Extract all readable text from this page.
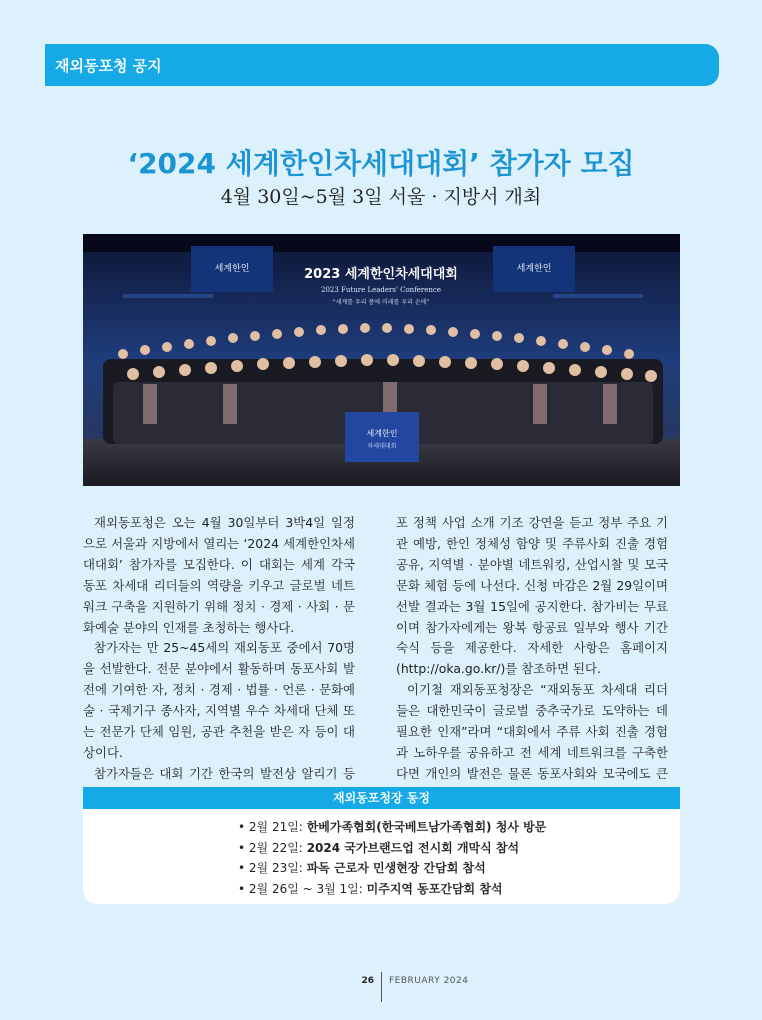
재외동포청 공지
‘2024 세계한인차세대대회’ 참가자 모집
4월 30일~5월 3일 서울 · 지방서 개최
세계한인	세계한인
2023 세계한인차세대대회
2023 Future Leaders' Conference
“세계를 우리 품에 미래를 우리 손에”
세계한인
차세대대회

재외동포청은 오는 4월 30일부터 3박4일 일정으로 서울과 지방에서 열리는 ‘2024 세계한인차세대대회’ 참가자를 모집한다. 이 대회는 세계 각국 동포 차세대 리더들의 역량을 키우고 글로벌 네트워크 구축을 지원하기 위해 정치 · 경제 · 사회 · 문화예술 분야의 인재를 초청하는 행사다.

참가자는 만 25~45세의 재외동포 중에서 70명을 선발한다. 전문 분야에서 활동하며 동포사회 발전에 기여한 자, 정치 · 경제 · 법률 · 언론 · 문화예술 · 국제기구 종사자, 지역별 우수 차세대 단체 또는 전문가 단체 임원, 공관 추천을 받은 자 등이 대상이다.

참가자들은 대회 기간 한국의 발전상 알리기 등

포 정책 사업 소개 기조 강연을 듣고 정부 주요 기관 예방, 한인 정체성 함양 및 주류사회 진출 경험 공유, 지역별 · 분야별 네트워킹, 산업시찰 및 모국 문화 체험 등에 나선다. 신청 마감은 2월 29일이며 선발 결과는 3월 15일에 공지한다. 참가비는 무료이며 참가자에게는 왕복 항공료 일부와 행사 기간 숙식 등을 제공한다. 자세한 사항은 홈페이지(http://oka.go.kr/)를 참조하면 된다.

이기철 재외동포청장은 “재외동포 차세대 리더들은 대한민국이 글로벌 중추국가로 도약하는 데 필요한 인재”라며 “대회에서 주류 사회 진출 경험과 노하우를 공유하고 전 세계 네트워크를 구축한다면 개인의 발전은 물론 동포사회와 모국에도 큰

재외동포청장 동정
• 2월 21일: 한베가족협회(한국베트남가족협회) 청사 방문
• 2월 22일: 2024 국가브랜드업 전시회 개막식 참석
• 2월 23일: 파독 근로자 민생현장 간담회 참석
• 2월 26일 ~ 3월 1일: 미주지역 동포간담회 참석
26 FEBRUARY 2024
